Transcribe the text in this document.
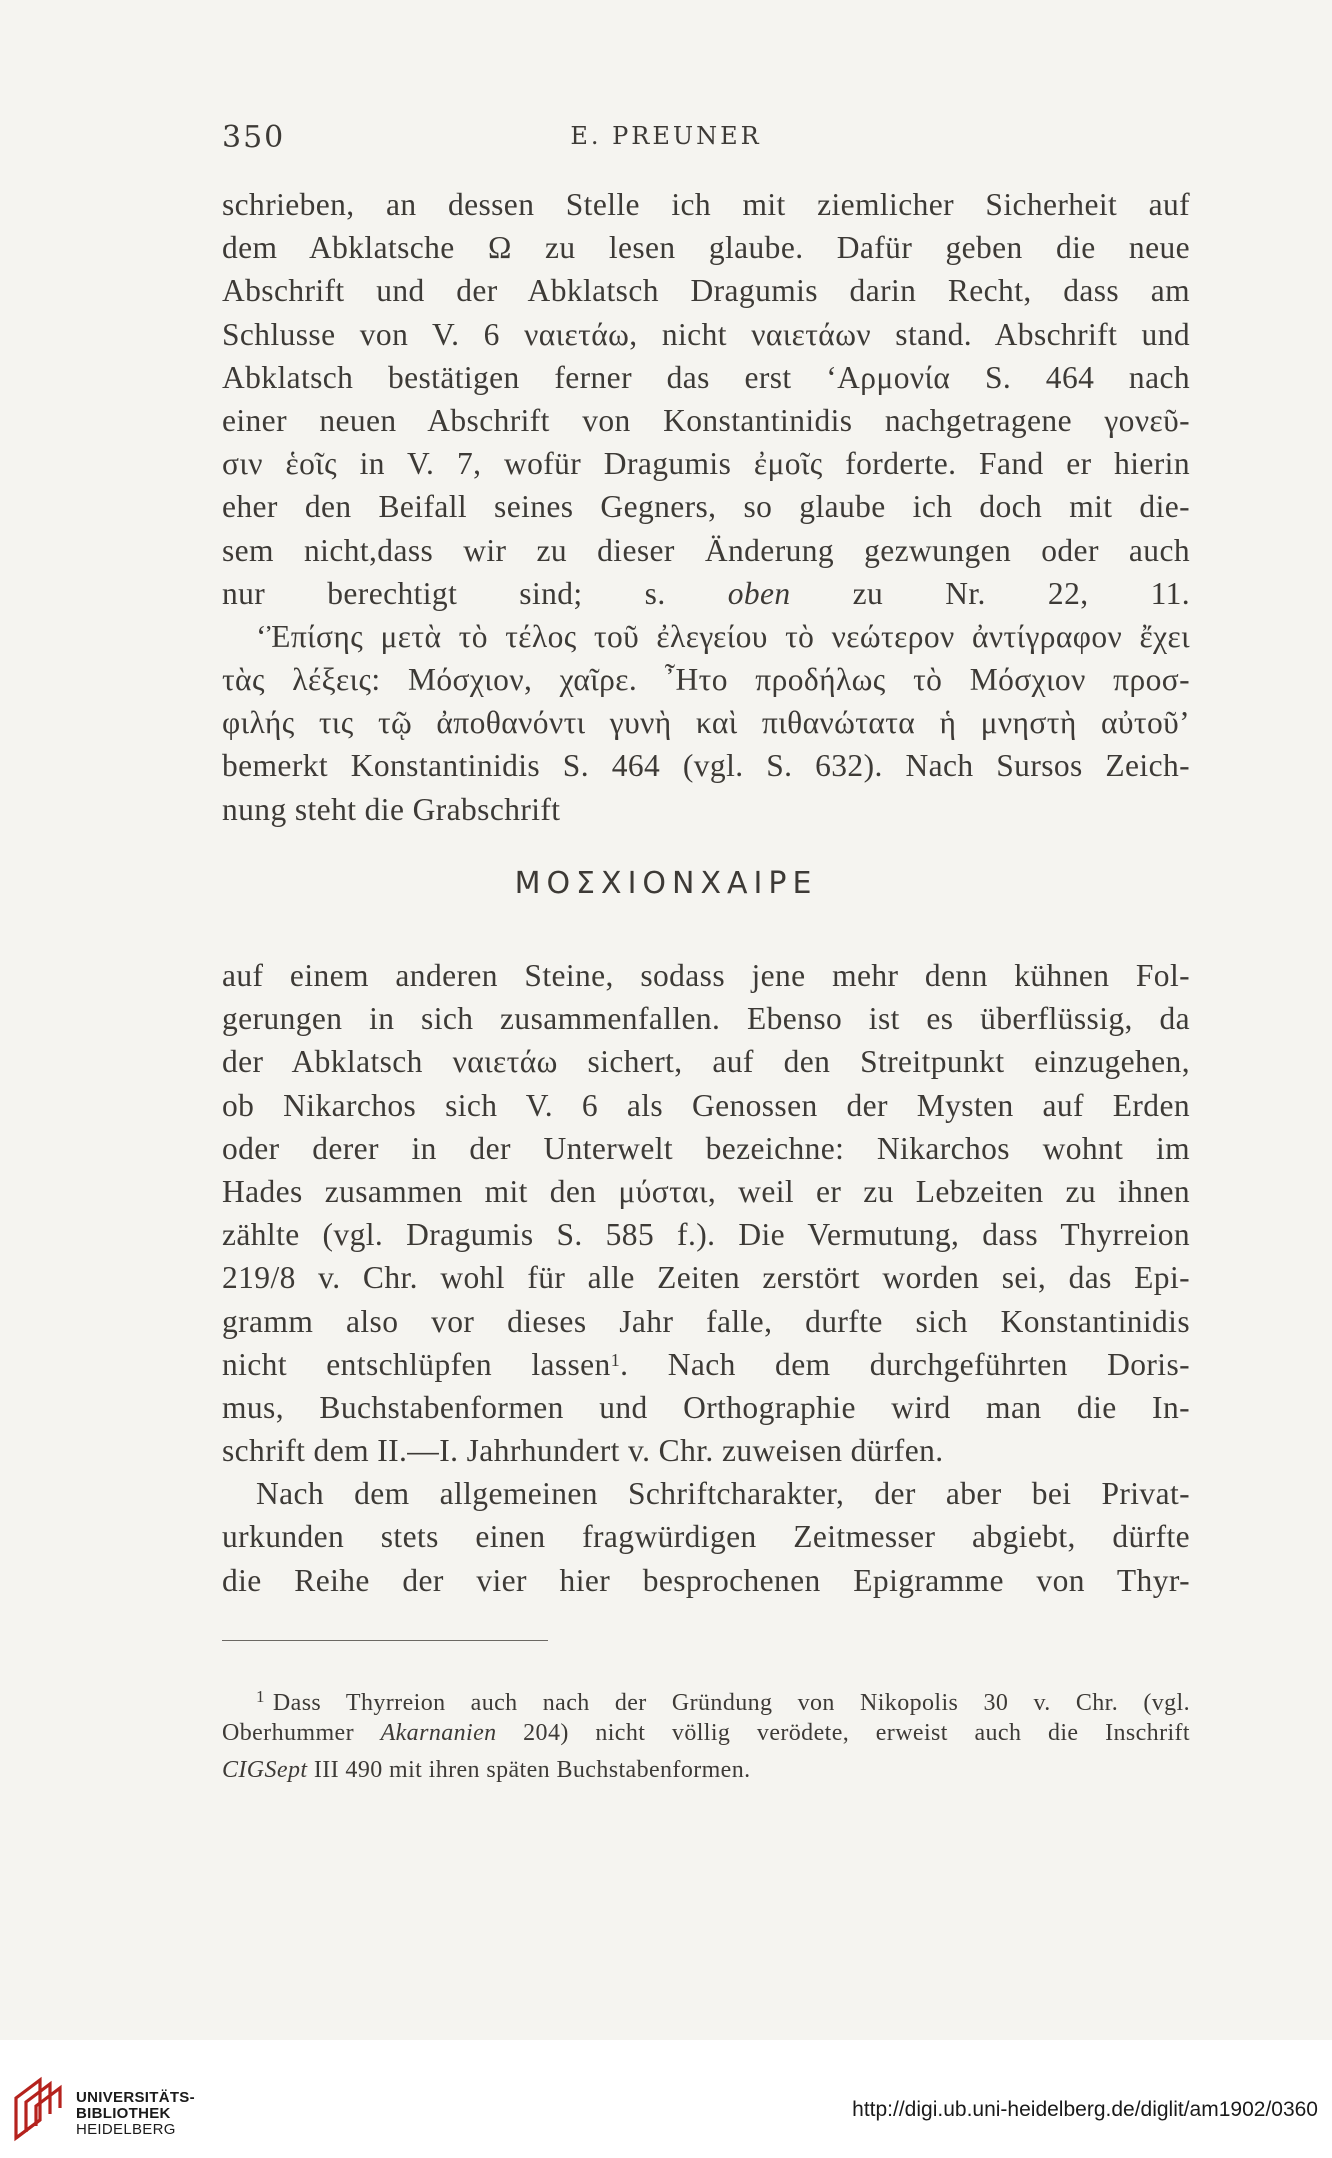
350	E. PREUNER
schrieben, an dessen Stelle ich mit ziemlicher Sicherheit auf
dem Abklatsche Ω zu lesen glaube. Dafür geben die neue
Abschrift und der Abklatsch Dragumis darin Recht, dass am
Schlusse von V. 6 ναιετάω, nicht ναιετάων stand. Abschrift und
Abklatsch bestätigen ferner das erst ‘Αρμονία S. 464 nach
einer neuen Abschrift von Konstantinidis nachgetragene γονεῦ-
σιν ἑοῖς in V. 7, wofür Dragumis ἐμοῖς forderte. Fand er hierin
eher den Beifall seines Gegners, so glaube ich doch mit die-
sem nicht,dass wir zu dieser Änderung gezwungen oder auch
nur berechtigt sind; s. oben zu Nr. 22, 11.
‘Ἐπίσης μετὰ τὸ τέλος τοῦ ἐλεγείου τὸ νεώτερον ἀντίγραφον ἔχει
τὰς λέξεις: Μόσχιον, χαῖρε. ῏Ητο προδήλως τὸ Μόσχιον προσ-
φιλής τις τῷ ἀποθανόντι γυνὴ καὶ πιθανώτατα ἡ μνηστὴ αὐτοῦ’
bemerkt Konstantinidis S. 464 (vgl. S. 632). Nach Sursos Zeich-
nung steht die Grabschrift
ΜΟΣΧΙΟΝΧΑΙΡΕ
auf einem anderen Steine, sodass jene mehr denn kühnen Fol-
gerungen in sich zusammenfallen. Ebenso ist es überflüssig, da
der Abklatsch ναιετάω sichert, auf den Streitpunkt einzugehen,
ob Nikarchos sich V. 6 als Genossen der Mysten auf Erden
oder derer in der Unterwelt bezeichne: Nikarchos wohnt im
Hades zusammen mit den μύσται, weil er zu Lebzeiten zu ihnen
zählte (vgl. Dragumis S. 585 f.). Die Vermutung, dass Thyrreion
219/8 v. Chr. wohl für alle Zeiten zerstört worden sei, das Epi-
gramm also vor dieses Jahr falle, durfte sich Konstantinidis
nicht entschlüpfen lassen$^1$. Nach dem durchgeführten Doris-
mus, Buchstabenformen und Orthographie wird man die In-
schrift dem II.—I. Jahrhundert v. Chr. zuweisen dürfen.
Nach dem allgemeinen Schriftcharakter, der aber bei Privat-
urkunden stets einen fragwürdigen Zeitmesser abgiebt, dürfte
die Reihe der vier hier besprochenen Epigramme von Thyr-
$^1$ Dass Thyrreion auch nach der Gründung von Nikopolis 30 v. Chr. (vgl.
Oberhummer Akarnanien 204) nicht völlig verödete, erweist auch die Inschrift
CIGSept III 490 mit ihren späten Buchstabenformen.
UNIVERSITÄTS-
BIBLIOTHEK
HEIDELBERG
http://digi.ub.uni-heidelberg.de/diglit/am1902/0360
